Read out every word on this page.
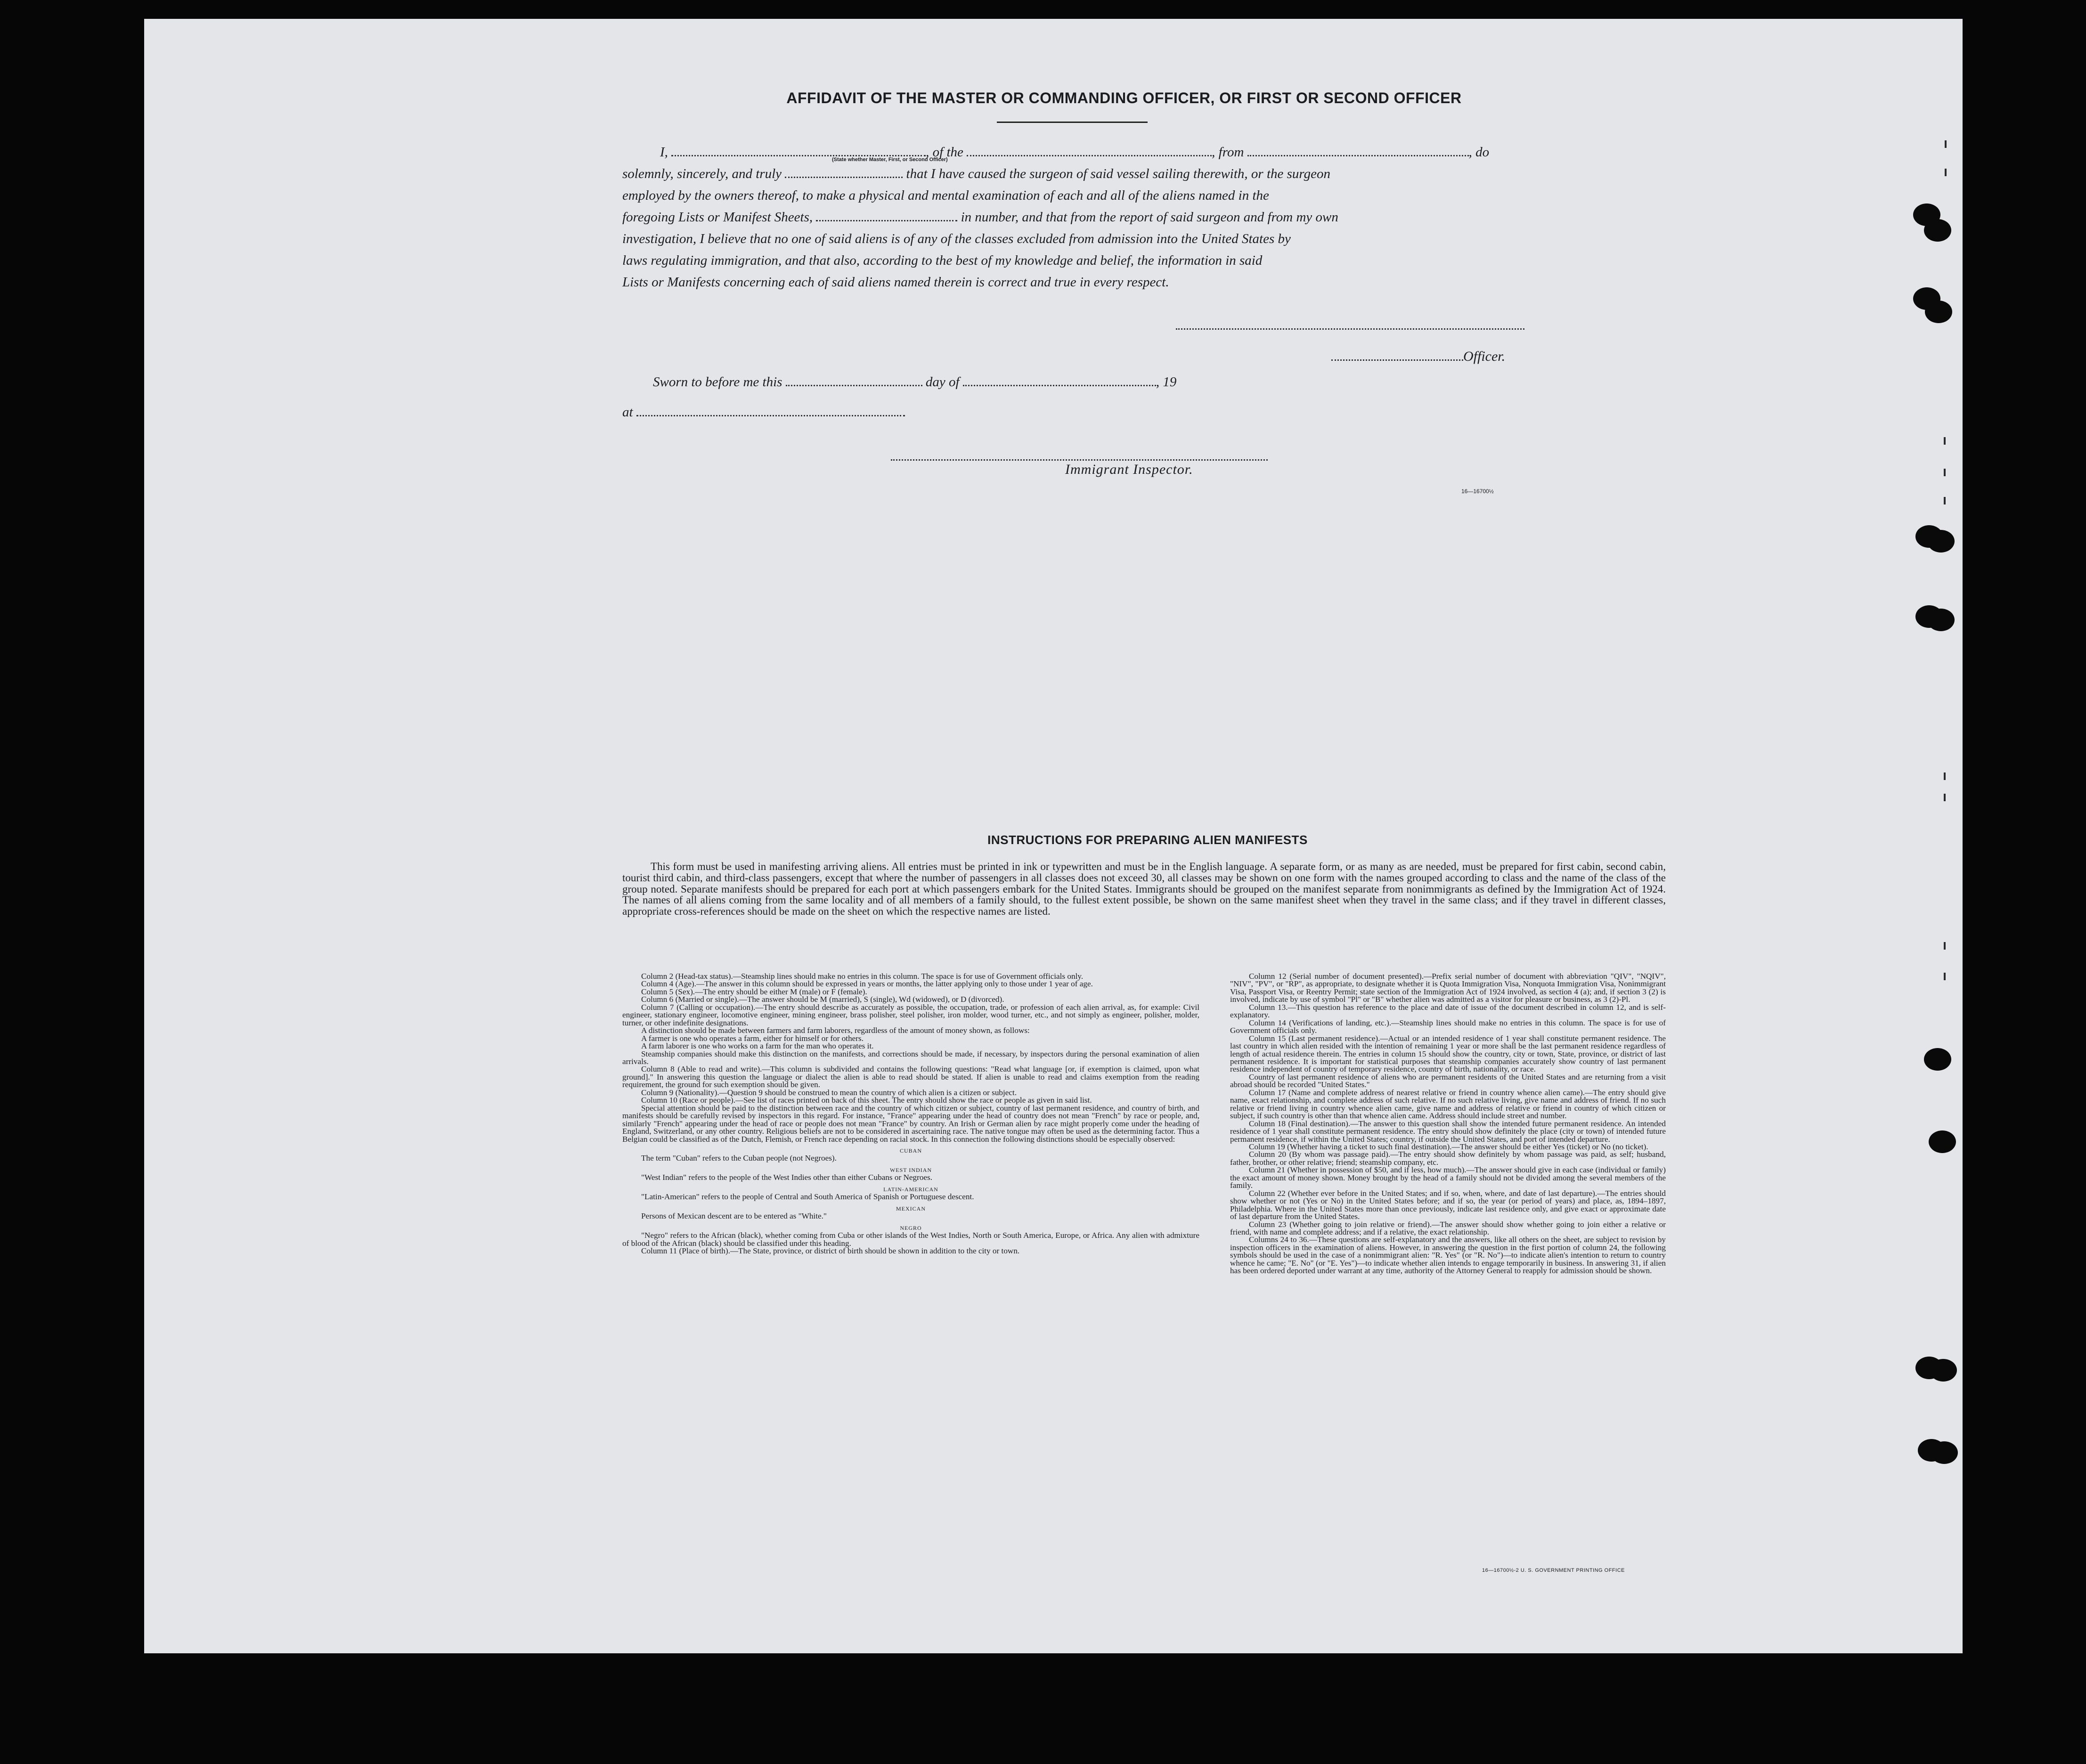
AFFIDAVIT OF THE MASTER OR COMMANDING OFFICER, OR FIRST OR SECOND OFFICER

I,	, of the	, from	, do

solemnly, sincerely, and truly	that I have caused the surgeon of said vessel sailing therewith, or the surgeon

employed by the owners thereof, to make a physical and mental examination of each and all of the aliens named in the

foregoing Lists or Manifest Sheets,	in number, and that from the report of said surgeon and from my own

investigation, I believe that no one of said aliens is of any of the classes excluded from admission into the United States by

laws regulating immigration, and that also, according to the best of my knowledge and belief, the information in said

Lists or Manifests concerning each of said aliens named therein is correct and true in every respect.

(State whether Master, First, or Second Officer)
Officer.
Sworn to before me this	day of	, 19
at
Immigrant Inspector.
16—16700½
INSTRUCTIONS FOR PREPARING ALIEN MANIFESTS

This form must be used in manifesting arriving aliens. All entries must be printed in ink or typewritten and must be in the English language. A separate form, or as many as are needed, must be prepared for first cabin, second cabin, tourist third cabin, and third-class passengers, except that where the number of passengers in all classes does not exceed 30, all classes may be shown on one form with the names grouped according to class and the name of the class of the group noted. Separate manifests should be prepared for each port at which passengers embark for the United States. Immigrants should be grouped on the manifest separate from nonimmigrants as defined by the Immigration Act of 1924. The names of all aliens coming from the same locality and of all members of a family should, to the fullest extent possible, be shown on the same manifest sheet when they travel in the same class; and if they travel in different classes, appropriate cross-references should be made on the sheet on which the respective names are listed.

Column 2 (Head-tax status).—Steamship lines should make no entries in this column. The space is for use of Government officials only.

Column 4 (Age).—The answer in this column should be expressed in years or months, the latter applying only to those under 1 year of age.

Column 5 (Sex).—The entry should be either M (male) or F (female).

Column 6 (Married or single).—The answer should be M (married), S (single), Wd (widowed), or D (divorced).

Column 7 (Calling or occupation).—The entry should describe as accurately as possible, the occupation, trade, or profession of each alien arrival, as, for example: Civil engineer, stationary engineer, locomotive engineer, mining engineer, brass polisher, steel polisher, iron molder, wood turner, etc., and not simply as engineer, polisher, molder, turner, or other indefinite designations.

A distinction should be made between farmers and farm laborers, regardless of the amount of money shown, as follows:

A farmer is one who operates a farm, either for himself or for others.

A farm laborer is one who works on a farm for the man who operates it.

Steamship companies should make this distinction on the manifests, and corrections should be made, if necessary, by inspectors during the personal examination of alien arrivals.

Column 8 (Able to read and write).—This column is subdivided and contains the following questions: "Read what language [or, if exemption is claimed, upon what ground]." In answering this question the language or dialect the alien is able to read should be stated. If alien is unable to read and claims exemption from the reading requirement, the ground for such exemption should be given.

Column 9 (Nationality).—Question 9 should be construed to mean the country of which alien is a citizen or subject.

Column 10 (Race or people).—See list of races printed on back of this sheet. The entry should show the race or people as given in said list.

Special attention should be paid to the distinction between race and the country of which citizen or subject, country of last permanent residence, and country of birth, and manifests should be carefully revised by inspectors in this regard. For instance, "France" appearing under the head of country does not mean "French" by race or people, and, similarly "French" appearing under the head of race or people does not mean "France" by country. An Irish or German alien by race might properly come under the heading of England, Switzerland, or any other country. Religious beliefs are not to be considered in ascertaining race. The native tongue may often be used as the determining factor. Thus a Belgian could be classified as of the Dutch, Flemish, or French race depending on racial stock. In this connection the following distinctions should be especially observed:

CUBAN

The term "Cuban" refers to the Cuban people (not Negroes).

WEST INDIAN

"West Indian" refers to the people of the West Indies other than either Cubans or Negroes.

LATIN-AMERICAN

"Latin-American" refers to the people of Central and South America of Spanish or Portuguese descent.

MEXICAN

Persons of Mexican descent are to be entered as "White."

NEGRO

"Negro" refers to the African (black), whether coming from Cuba or other islands of the West Indies, North or South America, Europe, or Africa. Any alien with admixture of blood of the African (black) should be classified under this heading.

Column 11 (Place of birth).—The State, province, or district of birth should be shown in addition to the city or town.

Column 12 (Serial number of document presented).—Prefix serial number of document with abbreviation "QIV", "NQIV", "NIV", "PV", or "RP", as appropriate, to designate whether it is Quota Immigration Visa, Nonquota Immigration Visa, Nonimmigrant Visa, Passport Visa, or Reentry Permit; state section of the Immigration Act of 1924 involved, as section 4 (a); and, if section 3 (2) is involved, indicate by use of symbol "Pl" or "B" whether alien was admitted as a visitor for pleasure or business, as 3 (2)-Pl.

Column 13.—This question has reference to the place and date of issue of the document described in column 12, and is self-explanatory.

Column 14 (Verifications of landing, etc.).—Steamship lines should make no entries in this column. The space is for use of Government officials only.

Column 15 (Last permanent residence).—Actual or an intended residence of 1 year shall constitute permanent residence. The last country in which alien resided with the intention of remaining 1 year or more shall be the last permanent residence regardless of length of actual residence therein. The entries in column 15 should show the country, city or town, State, province, or district of last permanent residence. It is important for statistical purposes that steamship companies accurately show country of last permanent residence independent of country of temporary residence, country of birth, nationality, or race.

Country of last permanent residence of aliens who are permanent residents of the United States and are returning from a visit abroad should be recorded "United States."

Column 17 (Name and complete address of nearest relative or friend in country whence alien came).—The entry should give name, exact relationship, and complete address of such relative. If no such relative living, give name and address of friend. If no such relative or friend living in country whence alien came, give name and address of relative or friend in country of which citizen or subject, if such country is other than that whence alien came. Address should include street and number.

Column 18 (Final destination).—The answer to this question shall show the intended future permanent residence. An intended residence of 1 year shall constitute permanent residence. The entry should show definitely the place (city or town) of intended future permanent residence, if within the United States; country, if outside the United States, and port of intended departure.

Column 19 (Whether having a ticket to such final destination).—The answer should be either Yes (ticket) or No (no ticket).

Column 20 (By whom was passage paid).—The entry should show definitely by whom passage was paid, as self; husband, father, brother, or other relative; friend; steamship company, etc.

Column 21 (Whether in possession of $50, and if less, how much).—The answer should give in each case (individual or family) the exact amount of money shown. Money brought by the head of a family should not be divided among the several members of the family.

Column 22 (Whether ever before in the United States; and if so, when, where, and date of last departure).—The entries should show whether or not (Yes or No) in the United States before; and if so, the year (or period of years) and place, as, 1894–1897, Philadelphia. Where in the United States more than once previously, indicate last residence only, and give exact or approximate date of last departure from the United States.

Column 23 (Whether going to join relative or friend).—The answer should show whether going to join either a relative or friend, with name and complete address; and if a relative, the exact relationship.

Columns 24 to 36.—These questions are self-explanatory and the answers, like all others on the sheet, are subject to revision by inspection officers in the examination of aliens. However, in answering the question in the first portion of column 24, the following symbols should be used in the case of a nonimmigrant alien: "R. Yes" (or "R. No")—to indicate alien's intention to return to country whence he came; "E. No" (or "E. Yes")—to indicate whether alien intends to engage temporarily in business. In answering 31, if alien has been ordered deported under warrant at any time, authority of the Attorney General to reapply for admission should be shown.

16—16700½-2 U. S. GOVERNMENT PRINTING OFFICE
